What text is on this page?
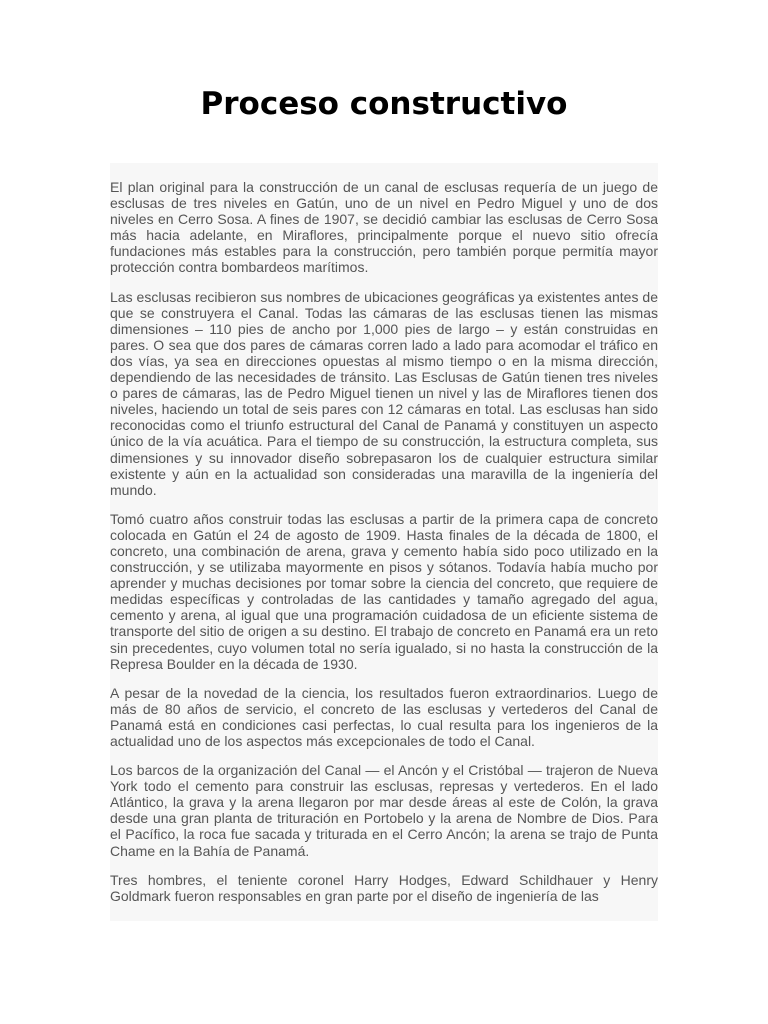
Proceso constructivo

El plan original para la construcción de un canal de esclusas requería de un juego de esclusas de tres niveles en Gatún, uno de un nivel en Pedro Miguel y uno de dos niveles en Cerro Sosa. A fines de 1907, se decidió cambiar las esclusas de Cerro Sosa más hacia adelante, en Miraflores, principalmente porque el nuevo sitio ofrecía fundaciones más estables para la construcción, pero también porque permitía mayor protección contra bombardeos marítimos.

Las esclusas recibieron sus nombres de ubicaciones geográficas ya existentes antes de que se construyera el Canal. Todas las cámaras de las esclusas tienen las mismas dimensiones – 110 pies de ancho por 1,000 pies de largo – y están construidas en pares. O sea que dos pares de cámaras corren lado a lado para acomodar el tráfico en dos vías, ya sea en direcciones opuestas al mismo tiempo o en la misma dirección, dependiendo de las necesidades de tránsito. Las Esclusas de Gatún tienen tres niveles o pares de cámaras, las de Pedro Miguel tienen un nivel y las de Miraflores tienen dos niveles, haciendo un total de seis pares con 12 cámaras en total. Las esclusas han sido reconocidas como el triunfo estructural del Canal de Panamá y constituyen un aspecto único de la vía acuática. Para el tiempo de su construcción, la estructura completa, sus dimensiones y su innovador diseño sobrepasaron los de cualquier estructura similar existente y aún en la actualidad son consideradas una maravilla de la ingeniería del mundo.

Tomó cuatro años construir todas las esclusas a partir de la primera capa de concreto colocada en Gatún el 24 de agosto de 1909. Hasta finales de la década de 1800, el concreto, una combinación de arena, grava y cemento había sido poco utilizado en la construcción, y se utilizaba mayormente en pisos y sótanos. Todavía había mucho por aprender y muchas decisiones por tomar sobre la ciencia del concreto, que requiere de medidas específicas y controladas de las cantidades y tamaño agregado del agua, cemento y arena, al igual que una programación cuidadosa de un eficiente sistema de transporte del sitio de origen a su destino. El trabajo de concreto en Panamá era un reto sin precedentes, cuyo volumen total no sería igualado, si no hasta la construcción de la Represa Boulder en la década de 1930.

A pesar de la novedad de la ciencia, los resultados fueron extraordinarios. Luego de más de 80 años de servicio, el concreto de las esclusas y vertederos del Canal de Panamá está en condiciones casi perfectas, lo cual resulta para los ingenieros de la actualidad uno de los aspectos más excepcionales de todo el Canal.

Los barcos de la organización del Canal — el Ancón y el Cristóbal — trajeron de Nueva York todo el cemento para construir las esclusas, represas y vertederos. En el lado Atlántico, la grava y la arena llegaron por mar desde áreas al este de Colón, la grava desde una gran planta de trituración en Portobelo y la arena de Nombre de Dios. Para el Pacífico, la roca fue sacada y triturada en el Cerro Ancón; la arena se trajo de Punta Chame en la Bahía de Panamá.

Tres hombres, el teniente coronel Harry Hodges, Edward Schildhauer y Henry Goldmark fueron responsables en gran parte por el diseño de ingeniería de las
